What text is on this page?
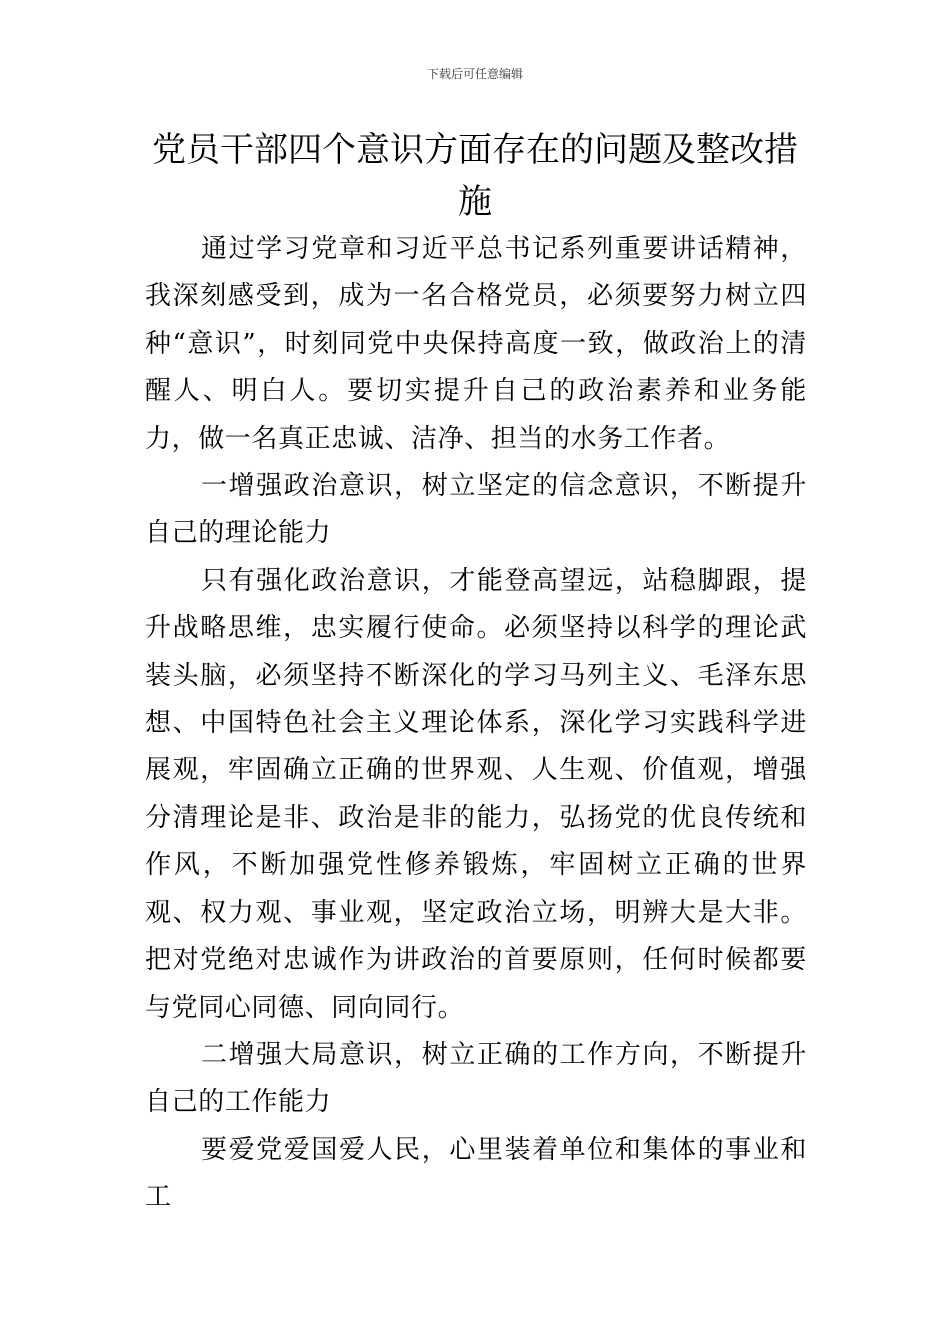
下载后可任意编辑
党员干部四个意识方面存在的问题及整改措施

通过学习党章和习近平总书记系列重要讲话精神，我深刻感受到，成为一名合格党员，必须要努力树立四种“意识”，时刻同党中央保持高度一致，做政治上的清醒人、明白人。要切实提升自己的政治素养和业务能力，做一名真正忠诚、洁净、担当的水务工作者。

一增强政治意识，树立坚定的信念意识，不断提升自己的理论能力

只有强化政治意识，才能登高望远，站稳脚跟，提升战略思维，忠实履行使命。必须坚持以科学的理论武装头脑，必须坚持不断深化的学习马列主义、毛泽东思想、中国特色社会主义理论体系，深化学习实践科学进展观，牢固确立正确的世界观、人生观、价值观，增强分清理论是非、政治是非的能力，弘扬党的优良传统和作风，不断加强党性修养锻炼，牢固树立正确的世界观、权力观、事业观，坚定政治立场，明辨大是大非。把对党绝对忠诚作为讲政治的首要原则，任何时候都要与党同心同德、同向同行。

二增强大局意识，树立正确的工作方向，不断提升自己的工作能力

要爱党爱国爱人民，心里装着单位和集体的事业和工
